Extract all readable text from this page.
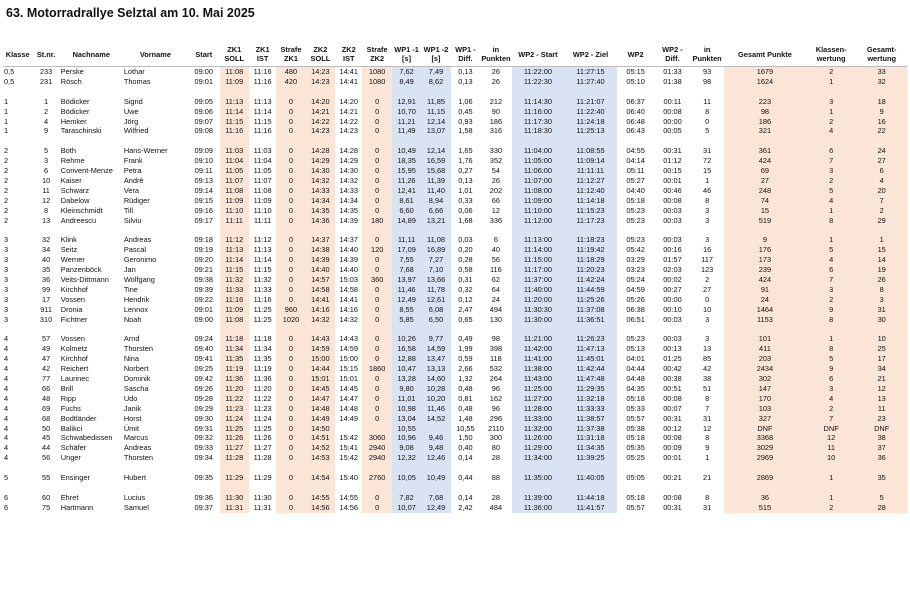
63. Motorradrallye Selztal am 10. Mai 2025
Klasse	St.nr.	Nachname	Vorname	Start	ZK1 SOLL	ZK1 IST	Strafe ZK1	ZK2 SOLL	ZK2 IST	Strafe ZK2	WP1 -1 [s]	WP1 -2 [s]	WP1 - Diff.	in Punkten	WP2 - Start	WP2 - Ziel	WP2	WP2 - Diff.	in Punkten	Gesamt Punkte	Klassen- wertung	Gesamt- wertung
0,5	233	Perske	Lothar	09:00	11:08	11:16	480	14:23	14:41	1080	7,62	7,49	0,13	26	11:22:00	11:27:15	05:15	01:33	93	1679	2	33
0,5	231	Rösch	Thomas	09:01	11:09	11:16	420	14:23	14:41	1080	8,49	8,62	0,13	26	11:22:30	11:27:40	05:10	01:38	98	1624	1	32

1	1	Bödicker	Sigrid	09:05	11:13	11:13	0	14:20	14:20	0	12,91	11,85	1,06	212	11:14:30	11:21:07	06:37	00:11	11	223	3	18
1	2	Bödicker	Uwe	09:06	11:14	11:14	0	14:21	14:21	0	10,70	11,15	0,45	90	11:16:00	11:22:40	06:40	00:08	8	98	1	9
1	4	Hemker	Jörg	09:07	11:15	11:15	0	14:22	14:22	0	11,21	12,14	0,93	186	11:17:30	11:24:18	06:48	00:00	0	186	2	16
1	9	Taraschinski	Wilfried	09:08	11:16	11:16	0	14:23	14:23	0	11,49	13,07	1,58	316	11:18:30	11:25:13	06:43	00:05	5	321	4	22

2	5	Both	Hans-Werner	09:09	11:03	11:03	0	14:28	14:28	0	10,49	12,14	1,65	330	11:04:00	11:08:55	04:55	00:31	31	361	6	24
2	3	Rehme	Frank	09:10	11:04	11:04	0	14:29	14:29	0	18,35	16,59	1,76	352	11:05:00	11:09:14	04:14	01:12	72	424	7	27
2	6	Convent-Menze	Petra	09:11	11:05	11:05	0	14:30	14:30	0	15,95	15,68	0,27	54	11:06:00	11:11:11	05:11	00:15	15	69	3	6
2	10	Kaiser	Andrè	09:13	11:07	11:07	0	14:32	14:32	0	11,26	11,39	0,13	26	11:07:00	11:12:27	05:27	00:01	1	27	2	4
2	11	Schwarz	Vera	09:14	11:08	11:08	0	14:33	14:33	0	12,41	11,40	1,01	202	11:08:00	11:12:40	04:40	00:46	46	248	5	20
2	12	Dabelow	Rüdiger	09:15	11:09	11:09	0	14:34	14:34	0	8,61	8,94	0,33	66	11:09:00	11:14:18	05:18	00:08	8	74	4	7
2	8	Kleinschmidt	Till	09:16	11:10	11:10	0	14:35	14:35	0	6,60	6,66	0,06	12	11:10:00	11:15:23	05:23	00:03	3	15	1	2
2	13	Andreescu	Silviu	09:17	11:11	11:11	0	14:36	14:39	180	14,89	13,21	1,68	336	11:12:00	11:17:23	05:23	00:03	3	519	8	29

3	32	Klink	Andreas	09:18	11:12	11:12	0	14:37	14:37	0	11,11	11,08	0,03	6	11:13:00	11:18:23	05:23	00:03	3	9	1	1
3	34	Seitz	Pascal	09:19	11:13	11:13	0	14:38	14:40	120	17,09	16,89	0,20	40	11:14:00	11:19:42	05:42	00:16	16	176	5	15
3	40	Werner	Geronimo	09:20	11:14	11:14	0	14:39	14:39	0	7,55	7,27	0,28	56	11:15:00	11:18:29	03:29	01:57	117	173	4	14
3	35	Panzenböck	Jan	09:21	11:15	11:15	0	14:40	14:40	0	7,68	7,10	0,58	116	11:17:00	11:20:23	03:23	02:03	123	239	6	19
3	36	Veits-Dittmann	Wolfgang	09:38	11:32	11:32	0	14:57	15:03	360	13,97	13,66	0,31	62	11:37:00	11:42:24	05:24	00:02	2	424	7	26
3	99	Kirchhof	Tine	09:39	11:33	11:33	0	14:58	14:58	0	11,46	11,78	0,32	64	11:40:00	11:44:59	04:59	00:27	27	91	3	8
3	17	Vossen	Hendrik	09:22	11:16	11:16	0	14:41	14:41	0	12,49	12,61	0,12	24	11:20:00	11:25:26	05:26	00:00	0	24	2	3
3	911	Dronia	Lennox	09:01	11:09	11:25	960	14:16	14:16	0	8,55	6,08	2,47	494	11:30:30	11:37:08	06:38	00:10	10	1464	9	31
3	310	Fichtner	Noah	09:00	11:08	11:25	1020	14:32	14:32	0	5,85	6,50	0,65	130	11:30:00	11:36:51	06:51	00:03	3	1153	8	30

4	57	Vossen	Arnd	09:24	11:18	11:18	0	14:43	14:43	0	10,26	9,77	0,49	98	11:21:00	11:26:23	05:23	00:03	3	101	1	10
4	49	Kolmetz	Thorsten	09:40	11:34	11:34	0	14:59	14:59	0	16,58	14,59	1,99	398	11:42:00	11:47:13	05:13	00:13	13	411	8	25
4	47	Kirchhof	Nina	09:41	11:35	11:35	0	15:00	15:00	0	12,88	13,47	0,59	118	11:41:00	11:45:01	04:01	01:25	85	203	5	17
4	42	Reichert	Norbert	09:25	11:19	11:19	0	14:44	15:15	1860	10,47	13,13	2,66	532	11:38:00	11:42:44	04:44	00:42	42	2434	9	34
4	77	Laurinec	Dominik	09:42	11:36	11:36	0	15:01	15:01	0	13,28	14,60	1,32	264	11:43:00	11:47:48	04:48	00:38	38	302	6	21
4	66	Brill	Sascha	09:26	11:20	11:20	0	14:45	14:45	0	9,80	10,28	0,48	96	11:25:00	11:29:35	04:35	00:51	51	147	3	12
4	48	Ripp	Udo	09:28	11:22	11:22	0	14:47	14:47	0	11,01	10,20	0,81	162	11:27:00	11:32:18	05:18	00:08	8	170	4	13
4	69	Fuchs	Janik	09:29	11:23	11:23	0	14:48	14:48	0	10,98	11,46	0,48	96	11:28:00	11:33:33	05:33	00:07	7	103	2	11
4	68	Bodtländer	Horst	09:30	11:24	11:24	0	14:49	14:49	0	13,04	14,52	1,48	296	11:33:00	11:38:57	05:57	00:31	31	327	7	23
4	50	Balikci	Ümit	09:31	11:25	11:25	0	14:50			10,55		10,55	2110	11:32:00	11:37:38	05:38	00:12	12	DNF	DNF	DNF
4	45	Schwabedissen	Marcus	09:32	11:26	11:26	0	14:51	15:42	3060	10,96	9,46	1,50	300	11:26:00	11:31:18	05:18	00:08	8	3368	12	38
4	44	Schäfer	Andreas	09:33	11:27	11:27	0	14:52	15:41	2940	9,08	9,48	0,40	80	11:29:00	11:34:35	05:35	00:09	9	3029	11	37
4	56	Unger	Thorsten	09:34	11:28	11:28	0	14:53	15:42	2940	12,32	12,46	0,14	28	11:34:00	11:39:25	05:25	00:01	1	2969	10	36

5	55	Ensinger	Hubert	09:35	11:29	11:29	0	14:54	15:40	2760	10,05	10,49	0,44	88	11:35:00	11:40:05	05:05	00:21	21	2869	1	35

6	60	Ehret	Lucius	09:36	11:30	11:30	0	14:55	14:55	0	7,82	7,68	0,14	28	11:39:00	11:44:18	05:18	00:08	8	36	1	5
6	75	Hartmann	Samuel	09:37	11:31	11:31	0	14:56	14:56	0	10,07	12,49	2,42	484	11:36:00	11:41:57	05:57	00:31	31	515	2	28
